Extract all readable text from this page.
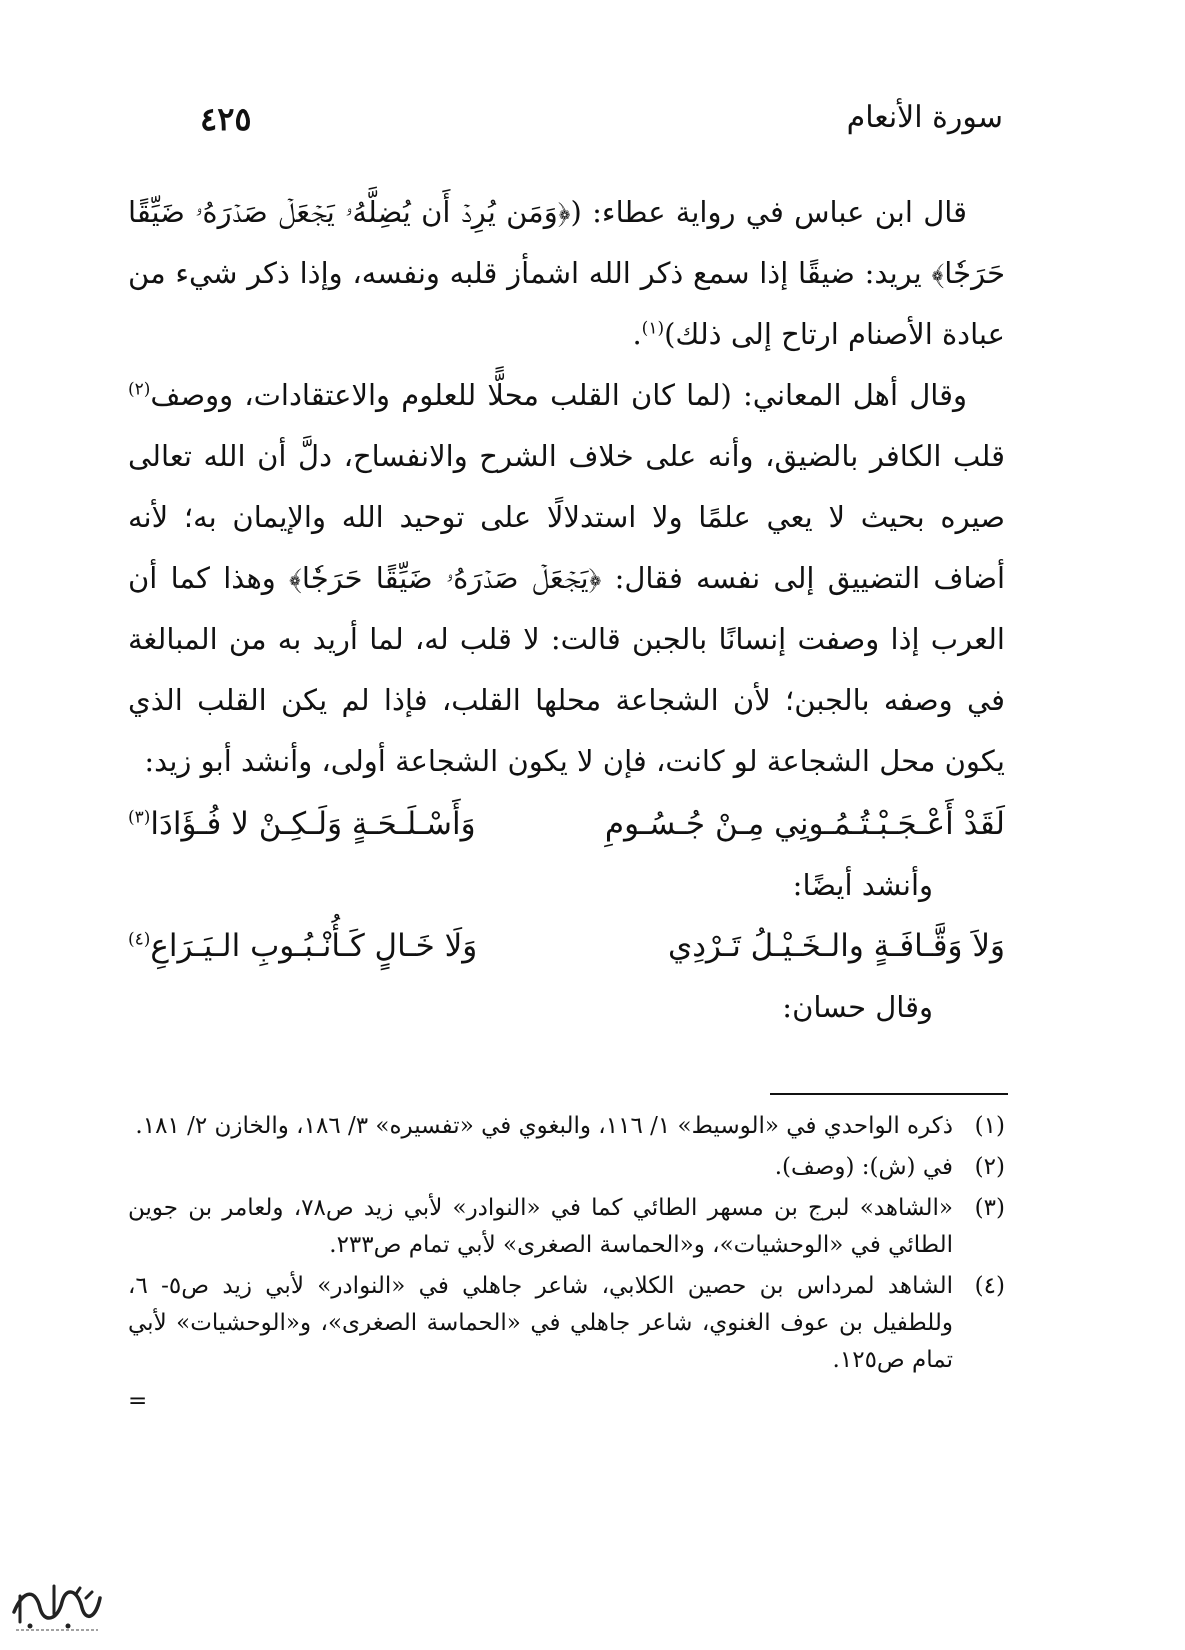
سورة الأنعام
٤٢٥

قال ابن عباس في رواية عطاء: (﴿وَمَن يُرِدۡ أَن يُضِلَّهُۥ يَجۡعَلۡ صَدۡرَهُۥ ضَيِّقًا حَرَجٗا﴾ يريد: ضيقًا إذا سمع ذكر الله اشمأز قلبه ونفسه، وإذا ذكر شيء من عبادة الأصنام ارتاح إلى ذلك)$^{(١)}$.

وقال أهل المعاني: (لما كان القلب محلًّا للعلوم والاعتقادات، ووصف$^{(٢)}$ قلب الكافر بالضيق، وأنه على خلاف الشرح والانفساح، دلَّ أن الله تعالى صيره بحيث لا يعي علمًا ولا استدلالًا على توحيد الله والإيمان به؛ لأنه أضاف التضييق إلى نفسه فقال: ﴿يَجۡعَلۡ صَدۡرَهُۥ ضَيِّقًا حَرَجٗا﴾ وهذا كما أن العرب إذا وصفت إنسانًا بالجبن قالت: لا قلب له، لما أريد به من المبالغة في وصفه بالجبن؛ لأن الشجاعة محلها القلب، فإذا لم يكن القلب الذي يكون محل الشجاعة لو كانت، فإن لا يكون الشجاعة أولى، وأنشد أبو زيد:

لَقَدْ أَعْـجَـبْـتُـمُـونِي مِـنْ جُـسُـومِ
وَأَسْـلَـحَـةٍ وَلَـكِـنْ لا فُـؤَادَا$^{(٣)}$
وأنشد أيضًا:
وَلاَ وَقَّـافَـةٍ والـخَـيْـلُ تَـرْدِي
وَلَا خَـالٍ كَـأُنْـبُـوبِ الـيَـرَاعِ$^{(٤)}$
وقال حسان:
(١)
ذكره الواحدي في «الوسيط» ١/ ١١٦، والبغوي في «تفسيره» ٣/ ١٨٦، والخازن ٢/ ١٨١.
(٢)
في (ش): (وصف).
(٣)
«الشاهد» لبرج بن مسهر الطائي كما في «النوادر» لأبي زيد ص٧٨، ولعامر بن جوين الطائي في «الوحشيات»، و«الحماسة الصغرى» لأبي تمام ص٢٣٣.
(٤)
الشاهد لمرداس بن حصين الكلابي، شاعر جاهلي في «النوادر» لأبي زيد ص٥- ٦، وللطفيل بن عوف الغنوي، شاعر جاهلي في «الحماسة الصغرى»، و«الوحشيات» لأبي تمام ص١٢٥.
=
